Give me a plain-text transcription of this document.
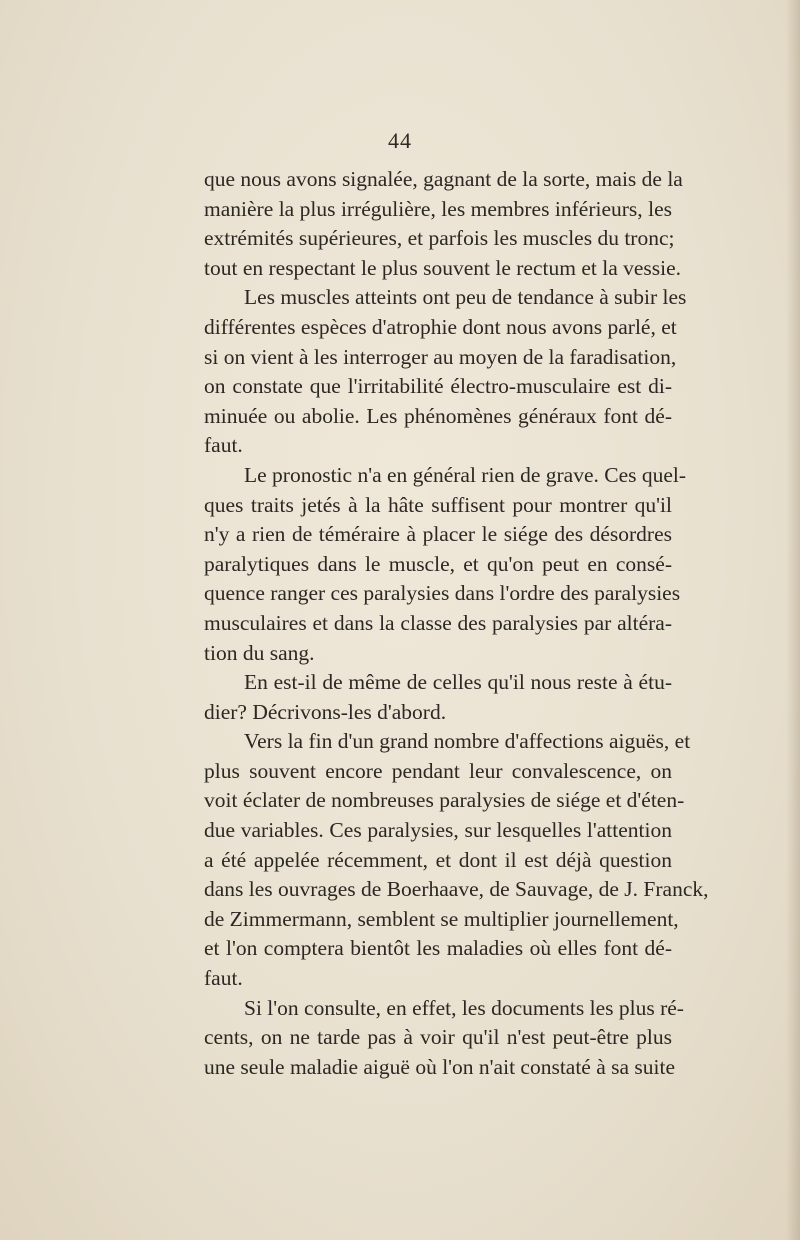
44
que nous avons signalée, gagnant de la sorte, mais de la
manière la plus irrégulière, les membres inférieurs, les
extrémités supérieures, et parfois les muscles du tronc;
tout en respectant le plus souvent le rectum et la vessie.
Les muscles atteints ont peu de tendance à subir les
différentes espèces d'atrophie dont nous avons parlé, et
si on vient à les interroger au moyen de la faradisation,
on constate que l'irritabilité électro-musculaire est di-
minuée ou abolie. Les phénomènes généraux font dé-
faut.
Le pronostic n'a en général rien de grave. Ces quel-
ques traits jetés à la hâte suffisent pour montrer qu'il
n'y a rien de téméraire à placer le siége des désordres
paralytiques dans le muscle, et qu'on peut en consé-
quence ranger ces paralysies dans l'ordre des paralysies
musculaires et dans la classe des paralysies par altéra-
tion du sang.
En est-il de même de celles qu'il nous reste à étu-
dier? Décrivons-les d'abord.
Vers la fin d'un grand nombre d'affections aiguës, et
plus souvent encore pendant leur convalescence, on
voit éclater de nombreuses paralysies de siége et d'éten-
due variables. Ces paralysies, sur lesquelles l'attention
a été appelée récemment, et dont il est déjà question
dans les ouvrages de Boerhaave, de Sauvage, de J. Franck,
de Zimmermann, semblent se multiplier journellement,
et l'on comptera bientôt les maladies où elles font dé-
faut.
Si l'on consulte, en effet, les documents les plus ré-
cents, on ne tarde pas à voir qu'il n'est peut-être plus
une seule maladie aiguë où l'on n'ait constaté à sa suite
